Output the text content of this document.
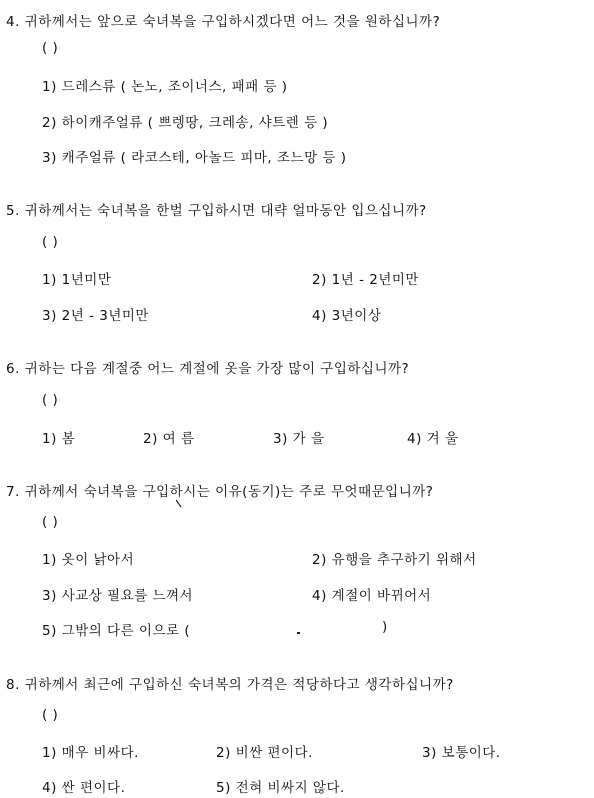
4. 귀하께서는 앞으로 숙녀복을 구입하시겠다면 어느 것을 원하십니까?
( )
1) 드레스류 ( 논노, 조이너스, 패패 등 )
2) 하이캐주얼류 ( 쁘렝땅, 크레송, 샤트렌 등 )
3) 캐주얼류 ( 라코스테, 아놀드 피마, 조느망 등 )
5. 귀하께서는 숙녀복을 한벌 구입하시면 대략 얼마동안 입으십니까?
( )
1) 1년미만	2) 1년 - 2년미만
3) 2년 - 3년미만	4) 3년이상
6. 귀하는 다음 계절중 어느 계절에 옷을 가장 많이 구입하십니까?
( )
1) 봄	2) 여 름	3) 가 을	4) 겨 울
7. 귀하께서 숙녀복을 구입하시는 이유(동기)는 주로 무엇때문입니까?
( )
1) 옷이 낡아서	2) 유행을 추구하기 위해서
3) 사교상 필요를 느껴서	4) 계절이 바뀌어서
5) 그밖의 다른 이으로 (	)
8. 귀하께서 최근에 구입하신 숙녀복의 가격은 적당하다고 생각하십니까?
( )
1) 매우 비싸다.	2) 비싼 편이다.	3) 보통이다.
4) 싼 편이다.	5) 전혀 비싸지 않다.
